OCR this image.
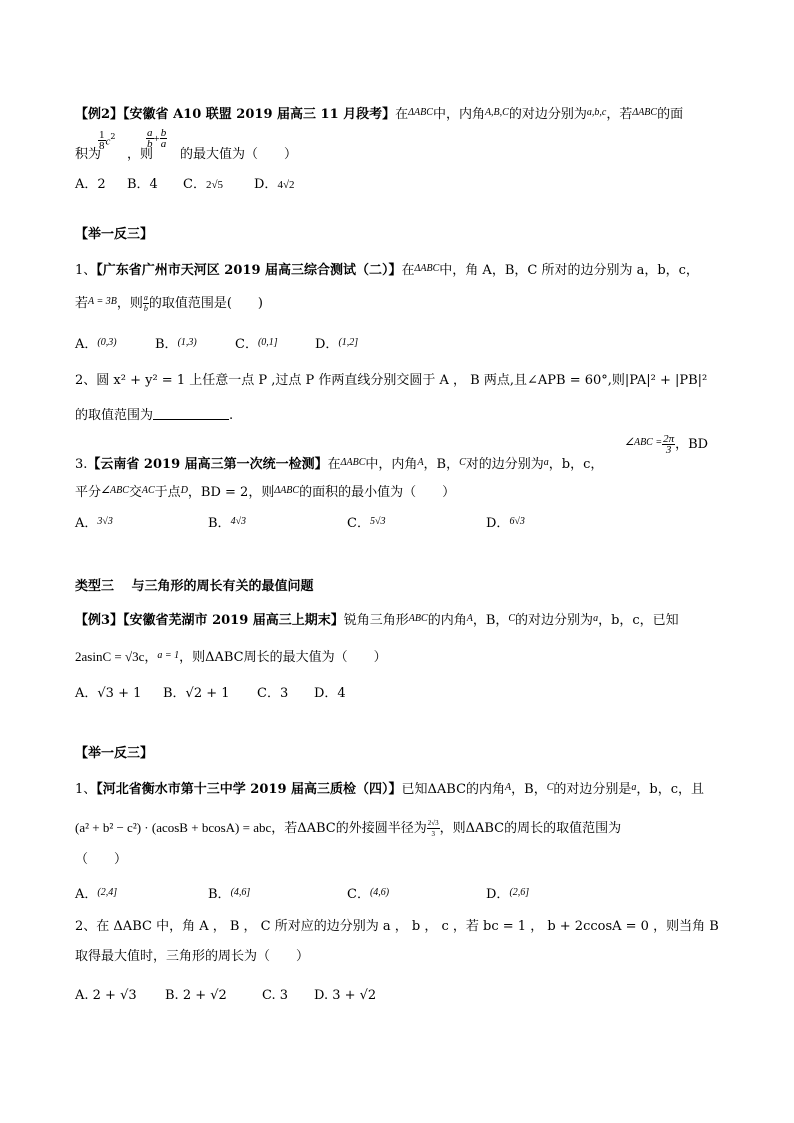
【例2】【安徽省 A10 联盟 2019 届高三 11 月段考】在$^{\Delta ABC}$中，内角$^{A,B,C}$的对边分别为$^{a,b,c}$，若$^{\Delta ABC}$的面
$\frac{1}{8} c^2$
积为 ，则
$\frac{a}{b} + \frac{b}{a}$
的最大值为（　　）
A．2 B．4 C．2√5 D．4√2
【举一反三】
1、【广东省广州市天河区 2019 届高三综合测试（二）】在$^{\Delta ABC}$中，角 A，B，C 所对的边分别为 a，b，c，
若$^{A = 3B}$，则 $\frac{a}{b}$ 的取值范围是(　　)
A．$^{(0,3)}$	B．$^{(1,3)}$	C．$^{(0,1]}$	D．$^{(1,2]}$
2、圆 x² + y² = 1 上任意一点 P ,过点 P 作两直线分别交圆于 A ， B 两点,且∠APB = 60°,则|PA|² + |PB|²
的取值范围为	.
3.【云南省 2019 届高三第一次统一检测】在$^{\Delta ABC}$中，内角$^A$，B，$^C$对的边分别为$^a$，b，c，
$^{\angle ABC =} \frac{2\pi}{3}$ ，BD
平分$^{\angle ABC}$交$^{AC}$于点$^D$，BD = 2，则$^{\Delta ABC}$的面积的最小值为（　　）
A．$^{3√3}$	B．$^{4√3}$	C．$^{5√3}$	D．$^{6√3}$
类型三　 与三角形的周长有关的最值问题
【例3】【安徽省芜湖市 2019 届高三上期末】锐角三角形$^{ABC}$的内角$^A$，B，$^C$的对边分别为$^a$，b，c，已知
2asinC = √3c，$^{a = 1}$，则ΔABC周长的最大值为（　　）
A．√3 + 1 B．√2 + 1 C．3 D．4
【举一反三】
1、【河北省衡水市第十三中学 2019 届高三质检（四）】已知ΔABC的内角$^A$，B，$^C$的对边分别是$^a$，b，c，且
(a² + b² − c²) · (acosB + bcosA) = abc，若ΔABC的外接圆半径为 $\frac{2√3}{3}$ ，则ΔABC的周长的取值范围为
（　　）
A．$^{(2,4]}$	B．$^{(4,6]}$	C．$^{(4,6)}$	D．$^{(2,6]}$
2、在 ΔABC 中，角 A ， B ， C 所对应的边分别为 a ， b ， c ，若 bc = 1 ， b + 2ccosA = 0 ，则当角 B
取得最大值时，三角形的周长为（　　）
A. 2 + √3 B. 2 + √2	C. 3 D. 3 + √2
